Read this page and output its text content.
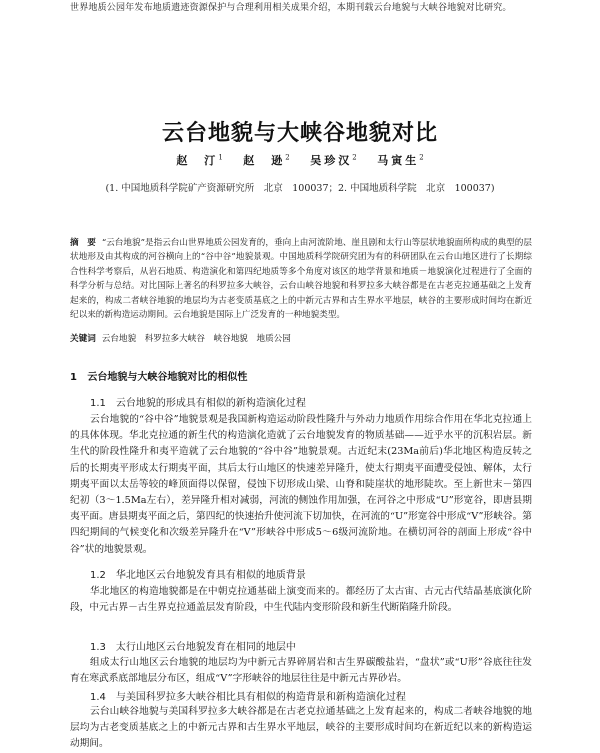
世界地质公园年发布地质遗迹资源保护与合理利用相关成果介绍，本期刊载云台地貌与大峡谷地貌对比研究。
云台地貌与大峡谷地貌对比
赵　汀$^1$ 赵　逊$^2$ 吴珍汉$^2$ 马寅生$^2$
(1. 中国地质科学院矿产资源研究所　北京　100037；2. 中国地质科学院　北京　100037)
摘　要 “云台地貌”是指云台山世界地质公园发育的，垂向上由河流阶地、崖且剧和太行山等层状地貌面所构成的典型的层状地形及由其构成的河谷横向上的“谷中谷”地貌景观。中国地质科学院研究团为有的科研团队在云台山地区进行了长期综合性科学考察后，从岩石地质、构造演化和第四纪地质等多个角度对该区的地学背景和地质－地貌演化过程进行了全面的科学分析与总结。对比国际上著名的科罗拉多大峡谷，云台山峡谷地貌和科罗拉多大峡谷都是在古老克拉通基础之上发育起来的，构成二者峡谷地貌的地层均为古老变质基底之上的中新元古界和古生界水平地层，峡谷的主要形成时间均在新近纪以来的新构造运动期间。云台地貌是国际上广泛发育的一种地貌类型。
关键词 云台地貌　科罗拉多大峡谷　峡谷地貌　地质公园
1 云台地貌与大峡谷地貌对比的相似性
1.1 云台地貌的形成具有相似的新构造演化过程
云台地貌的“谷中谷”地貌景观是我国新构造运动阶段性隆升与外动力地质作用综合作用在华北克拉通上的具体体现。华北克拉通的新生代的构造演化造就了云台地貌发育的物质基础——近乎水平的沉积岩层。新生代的阶段性隆升和夷平造就了云台地貌的“谷中谷”地貌景观。古近纪末(23Ma前后)华北地区构造反转之后的长期夷平形成太行期夷平面，其后太行山地区的快速差异隆升，使太行期夷平面遭受侵蚀、解体，太行期夷平面以太岳等较的峰顶面得以保留，侵蚀下切形成山梁、山脊和陡崖状的地形陡坎。至上新世末－第四纪初（3～1.5Ma左右），差异隆升相对减弱，河流的侧蚀作用加强，在河谷之中形成“U”形宽谷，即唐县期夷平面。唐县期夷平面之后，第四纪的快速抬升使河流下切加快，在河流的“U”形宽谷中形成“V”形峡谷。第四纪期间的气候变化和次级差异隆升在“V”形峡谷中形成5～6级河流阶地。在横切河谷的剖面上形成“谷中谷”状的地貌景观。
1.2 华北地区云台地貌发育具有相似的地质背景
华北地区的构造地貌都是在中朝克拉通基础上演变而来的。都经历了太古宙、古元古代结晶基底演化阶段，中元古界－古生界克拉通盖层发育阶段，中生代陆内变形阶段和新生代断陷隆升阶段。
1.3 太行山地区云台地貌发育在相同的地层中
组成太行山地区云台地貌的地层均为中新元古界碎屑岩和古生界碳酸盐岩，“盘状”或“U形”谷底往往发育在寒武系底部地层分布区，组成“V”字形峡谷的地层往往是中新元古界砂岩。
1.4 与美国科罗拉多大峡谷相比具有相似的构造背景和新构造演化过程
云台山峡谷地貌与美国科罗拉多大峡谷都是在古老克拉通基础之上发育起来的，构成二者峡谷地貌的地层均为古老变质基底之上的中新元古界和古生界水平地层，峡谷的主要形成时间均在新近纪以来的新构造运动期间。
